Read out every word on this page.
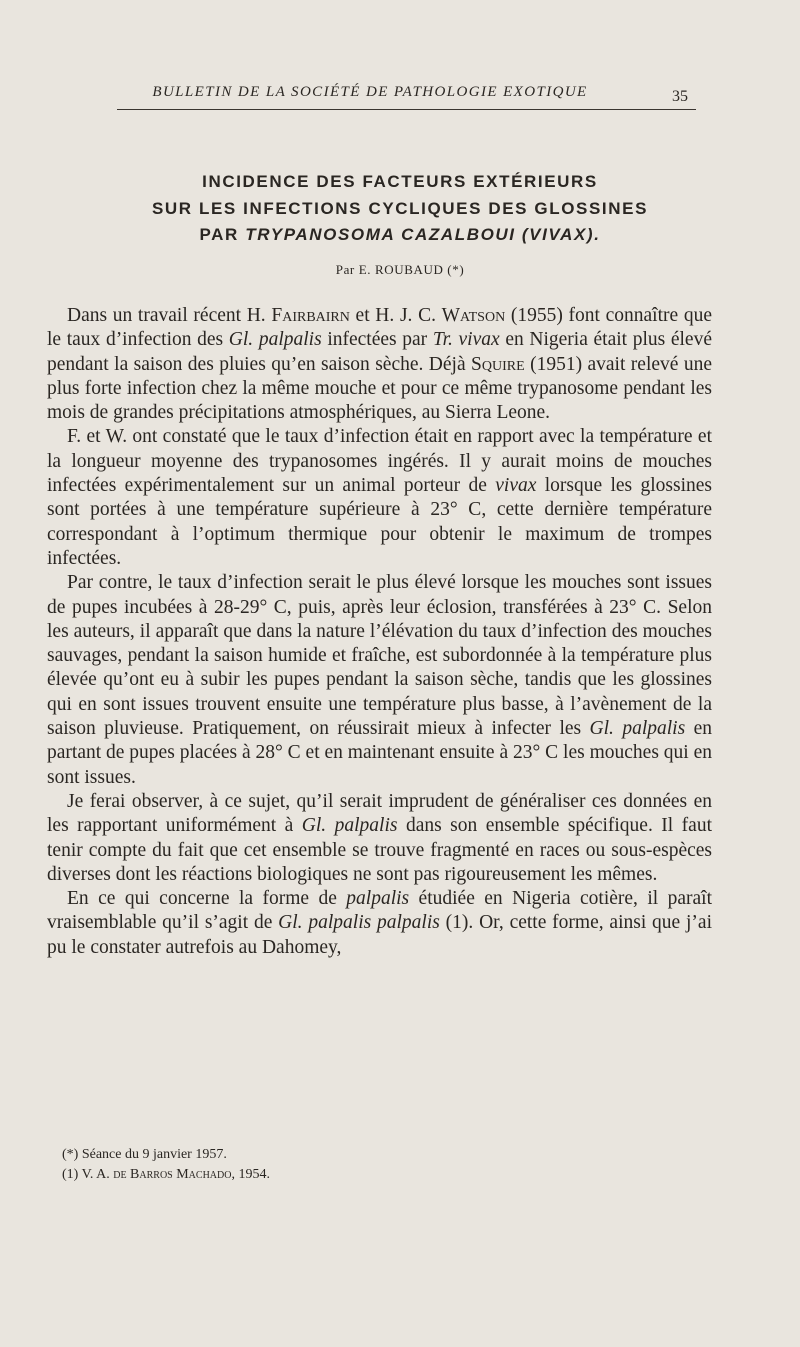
BULLETIN DE LA SOCIÉTÉ DE PATHOLOGIE EXOTIQUE	35
INCIDENCE DES FACTEURS EXTÉRIEURS
SUR LES INFECTIONS CYCLIQUES DES GLOSSINES
PAR TRYPANOSOMA CAZALBOUI (VIVAX).
Par E. ROUBAUD (*)

Dans un travail récent H. Fairbairn et H. J. C. Watson (1955) font connaître que le taux d’infection des Gl. palpalis infectées par Tr. vivax en Nigeria était plus élevé pendant la saison des pluies qu’en saison sèche. Déjà Squire (1951) avait relevé une plus forte infection chez la même mouche et pour ce même trypanosome pendant les mois de grandes précipitations atmosphériques, au Sierra Leone.

F. et W. ont constaté que le taux d’infection était en rapport avec la température et la longueur moyenne des trypanosomes ingérés. Il y aurait moins de mouches infectées expérimentalement sur un animal porteur de vivax lorsque les glossines sont portées à une température supérieure à 23° C, cette dernière température correspondant à l’optimum thermique pour obtenir le maximum de trompes infectées.

Par contre, le taux d’infection serait le plus élevé lorsque les mouches sont issues de pupes incubées à 28-29° C, puis, après leur éclosion, transférées à 23° C. Selon les auteurs, il apparaît que dans la nature l’élévation du taux d’infection des mouches sauvages, pendant la saison humide et fraîche, est subordonnée à la température plus élevée qu’ont eu à subir les pupes pendant la saison sèche, tandis que les glossines qui en sont issues trouvent ensuite une température plus basse, à l’avènement de la saison pluvieuse. Pratiquement, on réussirait mieux à infecter les Gl. palpalis en partant de pupes placées à 28° C et en maintenant ensuite à 23° C les mouches qui en sont issues.

Je ferai observer, à ce sujet, qu’il serait imprudent de généraliser ces données en les rapportant uniformément à Gl. palpalis dans son ensemble spécifique. Il faut tenir compte du fait que cet ensemble se trouve fragmenté en races ou sous-espèces diverses dont les réactions biologiques ne sont pas rigoureusement les mêmes.

En ce qui concerne la forme de palpalis étudiée en Nigeria cotière, il paraît vraisemblable qu’il s’agit de Gl. palpalis palpalis (1). Or, cette forme, ainsi que j’ai pu le constater autrefois au Dahomey,

(*) Séance du 9 janvier 1957.
(1) V. A. de Barros Machado, 1954.
